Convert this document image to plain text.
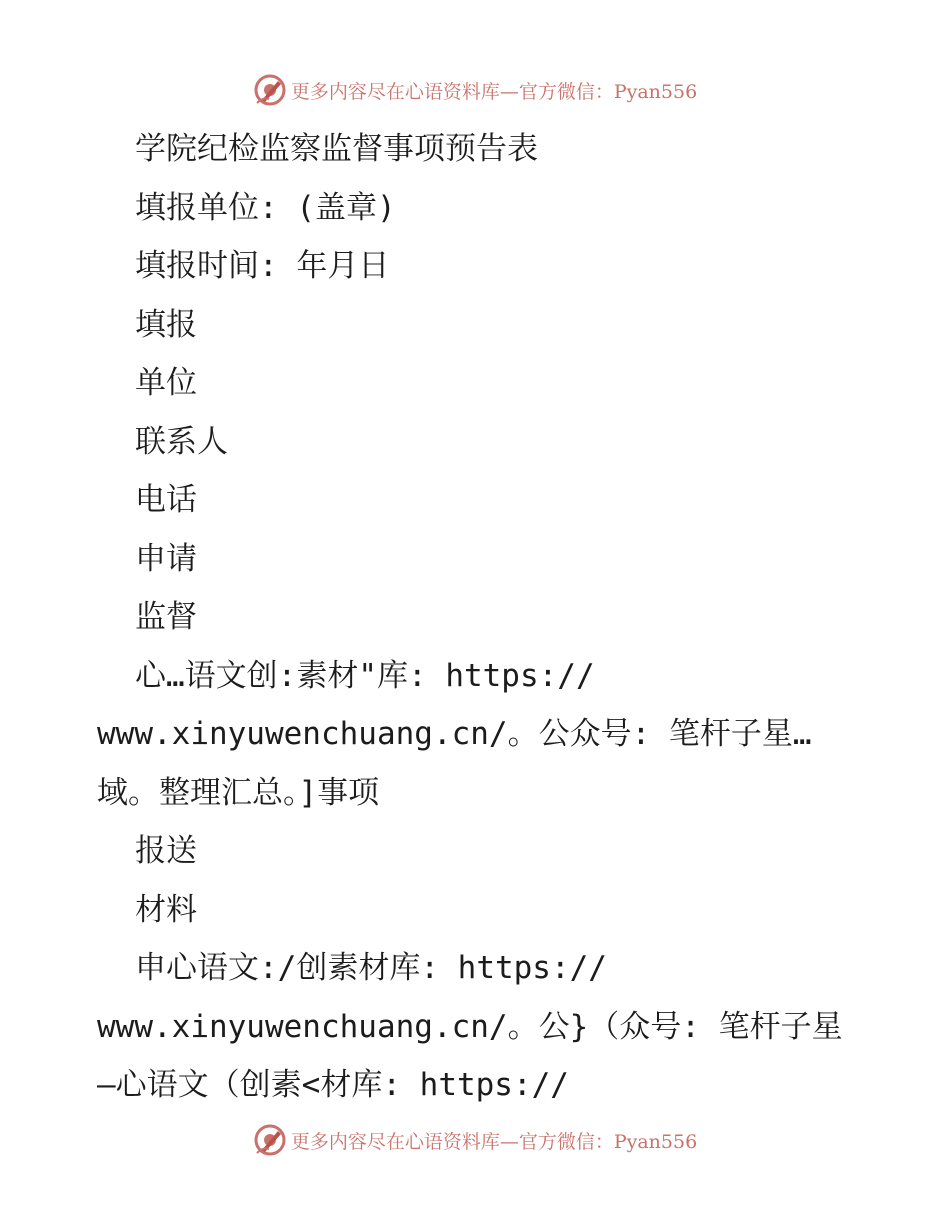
更多内容尽在心语资料库—官方微信：Pyan556
学院纪检监察监督事项预告表
填报单位: (盖章)
填报时间: 年月日
填报
单位
联系人
电话
申请
监督
心…语文创:素材"库: https://
www.xinyuwenchuang.cn/。公众号: 笔杆子星…
域。整理汇总。]事项
报送
材料
申心语文:/创素材库: https://
www.xinyuwenchuang.cn/。公}（众号: 笔杆子星
—心语文（创素<材库: https://
更多内容尽在心语资料库—官方微信：Pyan556
